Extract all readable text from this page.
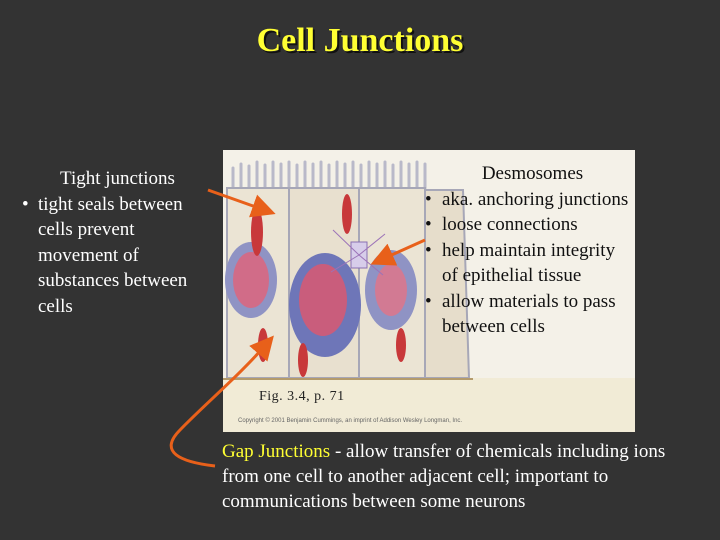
Cell Junctions
Tight junctions
• tight seals between cells prevent movement of substances between cells
Desmosomes
• aka. anchoring junctions
• loose connections
• help maintain integrity of epithelial tissue
• allow materials to pass between cells
Fig. 3.4, p. 71
Copyright © 2001 Benjamin Cummings, an imprint of Addison Wesley Longman, Inc.
Gap Junctions - allow transfer of chemicals including ions from one cell to another adjacent cell; important to communications between some neurons
